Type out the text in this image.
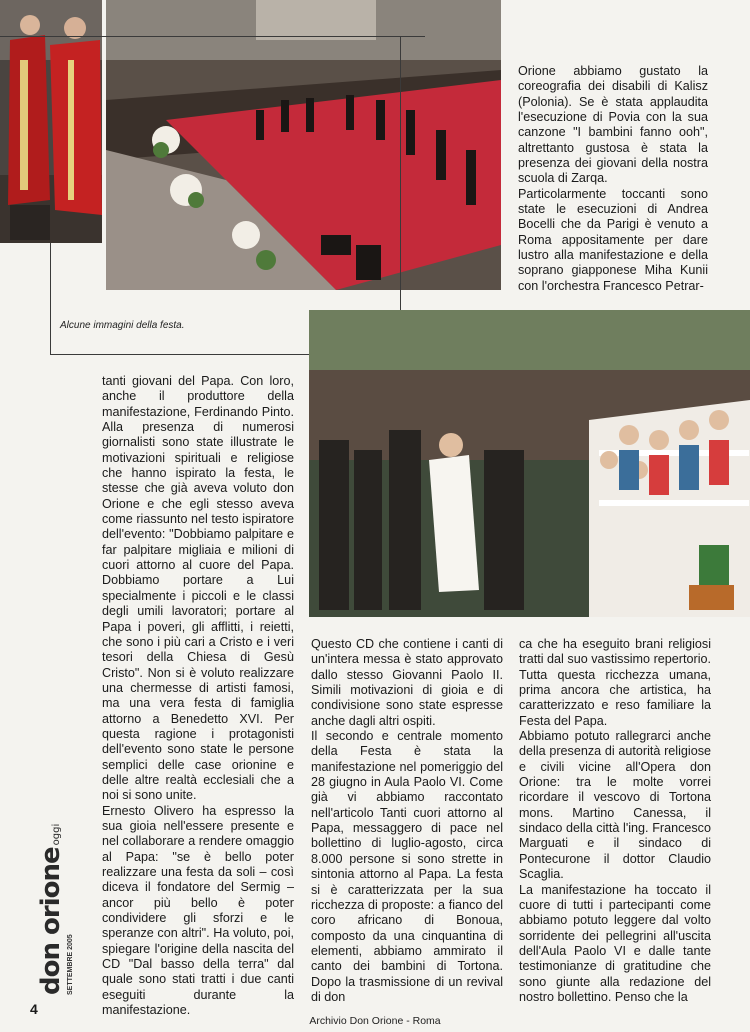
Alcune immagini della festa.

Orione abbiamo gustato la coreografia dei disabili di Kalisz (Polonia). Se è stata applaudita l'esecuzione di Povia con la sua canzone "I bambini fanno ooh", altrettanto gustosa è stata la presenza dei giovani della nostra scuola di Zarqa.

Particolarmente toccanti sono state le esecuzioni di Andrea Bocelli che da Parigi è venuto a Roma appositamente per dare lustro alla manifestazione e della soprano giapponese Miha Kunii con l'orchestra Francesco Petrar-

tanti giovani del Papa. Con loro, anche il produttore della manifestazione, Ferdinando Pinto. Alla presenza di numerosi giornalisti sono state illustrate le motivazioni spirituali e religiose che hanno ispirato la festa, le stesse che già aveva voluto don Orione e che egli stesso aveva come riassunto nel testo ispiratore dell'evento: "Dobbiamo palpitare e far palpitare migliaia e milioni di cuori attorno al cuore del Papa. Dobbiamo portare a Lui specialmente i piccoli e le classi degli umili lavoratori; portare al Papa i poveri, gli afflitti, i reietti, che sono i più cari a Cristo e i veri tesori della Chiesa di Gesù Cristo". Non si è voluto realizzare una chermesse di artisti famosi, ma una vera festa di famiglia attorno a Benedetto XVI. Per questa ragione i protagonisti dell'evento sono state le persone semplici delle case orionine e delle altre realtà ecclesiali che a noi si sono unite.

Ernesto Olivero ha espresso la sua gioia nell'essere presente e nel collaborare a rendere omaggio al Papa: "se è bello poter realizzare una festa da soli – così diceva il fondatore del Sermig – ancor più bello è poter condividere gli sforzi e le speranze con altri". Ha voluto, poi, spiegare l'origine della nascita del CD "Dal basso della terra" dal quale sono stati tratti i due canti eseguiti durante la manifestazione.

Questo CD che contiene i canti di un'intera messa è stato approvato dallo stesso Giovanni Paolo II. Simili motivazioni di gioia e di condivisione sono state espresse anche dagli altri ospiti.

Il secondo e centrale momento della Festa è stata la manifestazione nel pomeriggio del 28 giugno in Aula Paolo VI. Come già vi abbiamo raccontato nell'articolo Tanti cuori attorno al Papa, messaggero di pace nel bollettino di luglio-agosto, circa 8.000 persone si sono strette in sintonia attorno al Papa. La festa si è caratterizzata per la sua ricchezza di proposte: a fianco del coro africano di Bonoua, composto da una cinquantina di elementi, abbiamo ammirato il canto dei bambini di Tortona. Dopo la trasmissione di un revival di don

ca che ha eseguito brani religiosi tratti dal suo vastissimo repertorio. Tutta questa ricchezza umana, prima ancora che artistica, ha caratterizzato e reso familiare la Festa del Papa.

Abbiamo potuto rallegrarci anche della presenza di autorità religiose e civili vicine all'Opera don Orione: tra le molte vorrei ricordare il vescovo di Tortona mons. Martino Canessa, il sindaco della città l'ing. Francesco Marguati e il sindaco di Pontecurone il dottor Claudio Scaglia.

La manifestazione ha toccato il cuore di tutti i partecipanti come abbiamo potuto leggere dal volto sorridente dei pellegrini all'uscita dell'Aula Paolo VI e dalle tante testimonianze di gratitudine che sono giunte alla redazione del nostro bollettino. Penso che la

don orioneoggi
SETTEMBRE 2005
4
Archivio Don Orione - Roma
